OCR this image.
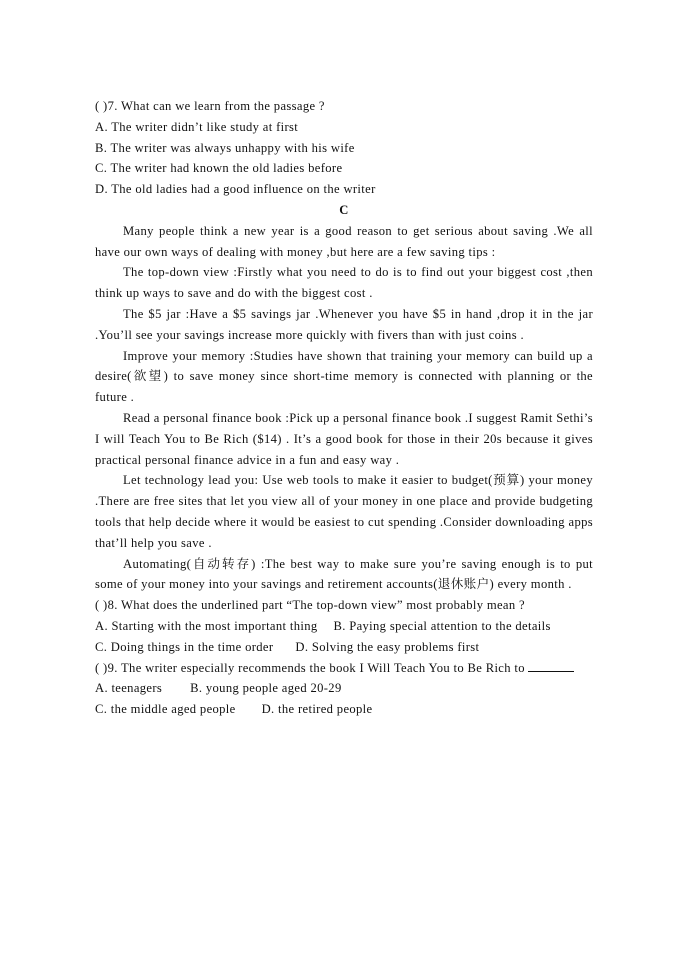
( )7. What can we learn from the passage ?
A. The writer didn’t like study at first
B. The writer was always unhappy with his wife
C. The writer had known the old ladies before
D. The old ladies had a good influence on the writer
C
Many people think a new year is a good reason to get serious about saving .We all have our own ways of dealing with money ,but here are a few saving tips :
The top-down view :Firstly what you need to do is to find out your biggest cost ,then think up ways to save and do with the biggest cost .
The $5 jar :Have a $5 savings jar .Whenever you have $5 in hand ,drop it in the jar .You’ll see your savings increase more quickly with fivers than with just coins .
Improve your memory :Studies have shown that training your memory can build up a desire(欲望) to save money since short-time memory is connected with planning or the future .
Read a personal finance book :Pick up a personal finance book .I suggest Ramit Sethi’s I will Teach You to Be Rich ($14) . It’s a good book for those in their 20s because it gives practical personal finance advice in a fun and easy way .
Let technology lead you: Use web tools to make it easier to budget(预算) your money .There are free sites that let you view all of your money in one place and provide budgeting tools that help decide where it would be easiest to cut spending .Consider downloading apps that’ll help you save .
Automating(自动转存) :The best way to make sure you’re saving enough is to put some of your money into your savings and retirement accounts(退休账户) every month .
( )8. What does the underlined part “The top-down view” most probably mean ?
A. Starting with the most important thing B. Paying special attention to the details
C. Doing things in the time order D. Solving the easy problems first
( )9. The writer especially recommends the book I Will Teach You to Be Rich to
A. teenagers B. young people aged 20-29
C. the middle aged people D. the retired people
